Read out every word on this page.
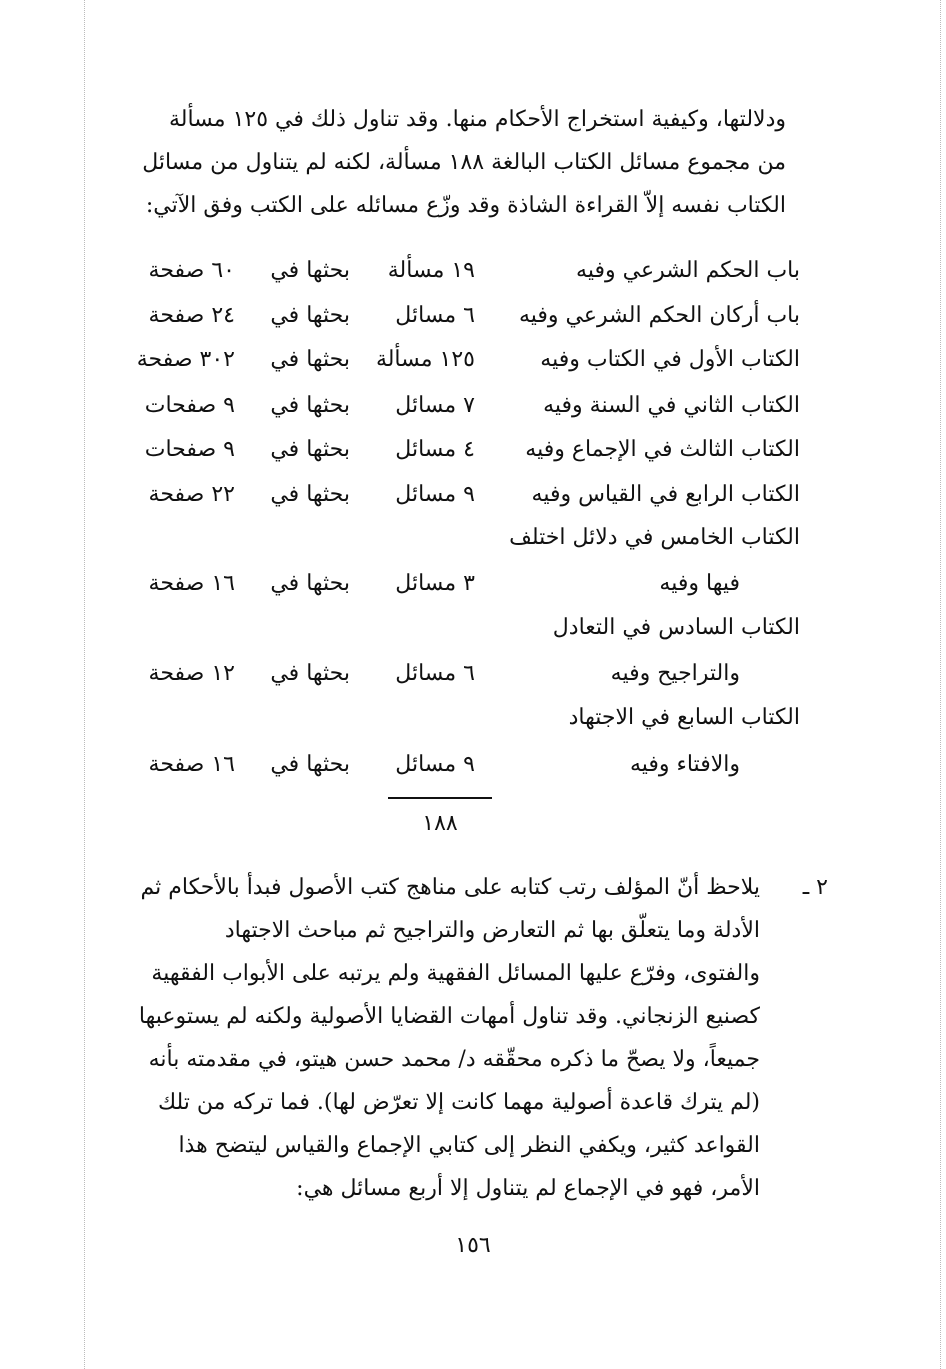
ودلالتها، وكيفية استخراج الأحكام منها. وقد تناول ذلك في ١٢٥ مسألة
من مجموع مسائل الكتاب البالغة ١٨٨ مسألة، لكنه لم يتناول من مسائل
الكتاب نفسه إلاّ القراءة الشاذة وقد وزّع مسائله على الكتب وفق الآتي:
باب الحكم الشرعي وفيه
١٩ مسألة
بحثها في
٦٠ صفحة
باب أركان الحكم الشرعي وفيه
٦ مسائل
بحثها في
٢٤ صفحة
الكتاب الأول في الكتاب وفيه
١٢٥ مسألة
بحثها في
٣٠٢ صفحة
الكتاب الثاني في السنة وفيه
٧ مسائل
بحثها في
٩ صفحات
الكتاب الثالث في الإجماع وفيه
٤ مسائل
بحثها في
٩ صفحات
الكتاب الرابع في القياس وفيه
٩ مسائل
بحثها في
٢٢ صفحة
الكتاب الخامس في دلائل اختلف
فيها وفيه
٣ مسائل
بحثها في
١٦ صفحة
الكتاب السادس في التعادل
والتراجيح وفيه
٦ مسائل
بحثها في
١٢ صفحة
الكتاب السابع في الاجتهاد
والافتاء وفيه
٩ مسائل
بحثها في
١٦ صفحة
١٨٨
٢ ـ
يلاحظ أنّ المؤلف رتب كتابه على مناهج كتب الأصول فبدأ بالأحكام ثم
الأدلة وما يتعلّق بها ثم التعارض والتراجيح ثم مباحث الاجتهاد
والفتوى، وفرّع عليها المسائل الفقهية ولم يرتبه على الأبواب الفقهية
كصنيع الزنجاني. وقد تناول أمهات القضايا الأصولية ولكنه لم يستوعبها
جميعاً، ولا يصحّ ما ذكره محقّقه د/ محمد حسن هيتو، في مقدمته بأنه
(لم يترك قاعدة أصولية مهما كانت إلا تعرّض لها). فما تركه من تلك
القواعد كثير، ويكفي النظر إلى كتابي الإجماع والقياس ليتضح هذا
الأمر، فهو في الإجماع لم يتناول إلا أربع مسائل هي:
١٥٦
